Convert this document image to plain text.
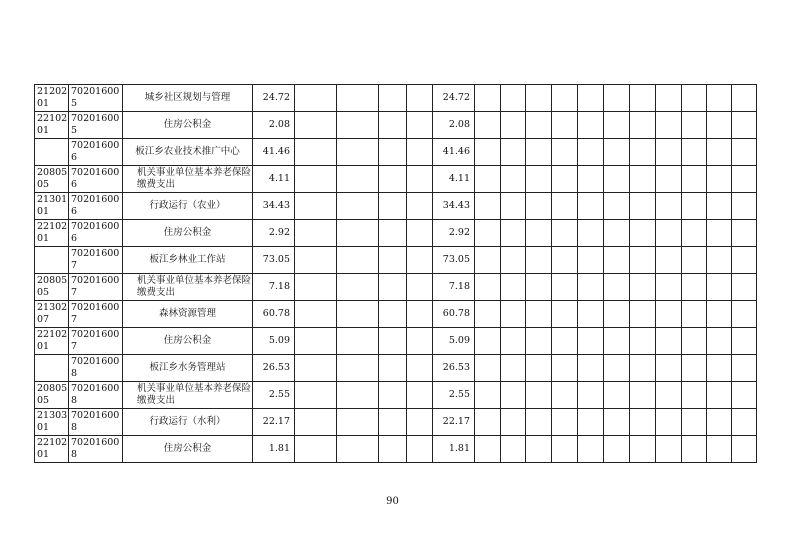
21202 01	70201600 5	城乡社区规划与管理	24.72					24.72											
22102 01	70201600 5	住房公积金	2.08					2.08											
	70201600 6	板江乡农业技术推广中心	41.46					41.46											
20805 05	70201600 6	机关事业单位基本养老保险缴费支出	4.11					4.11											
21301 01	70201600 6	行政运行（农业）	34.43					34.43											
22102 01	70201600 6	住房公积金	2.92					2.92											
	70201600 7	板江乡林业工作站	73.05					73.05											
20805 05	70201600 7	机关事业单位基本养老保险缴费支出	7.18					7.18											
21302 07	70201600 7	森林资源管理	60.78					60.78											
22102 01	70201600 7	住房公积金	5.09					5.09											
	70201600 8	板江乡水务管理站	26.53					26.53											
20805 05	70201600 8	机关事业单位基本养老保险缴费支出	2.55					2.55											
21303 01	70201600 8	行政运行（水利）	22.17					22.17											
22102 01	70201600 8	住房公积金	1.81					1.81											
90
